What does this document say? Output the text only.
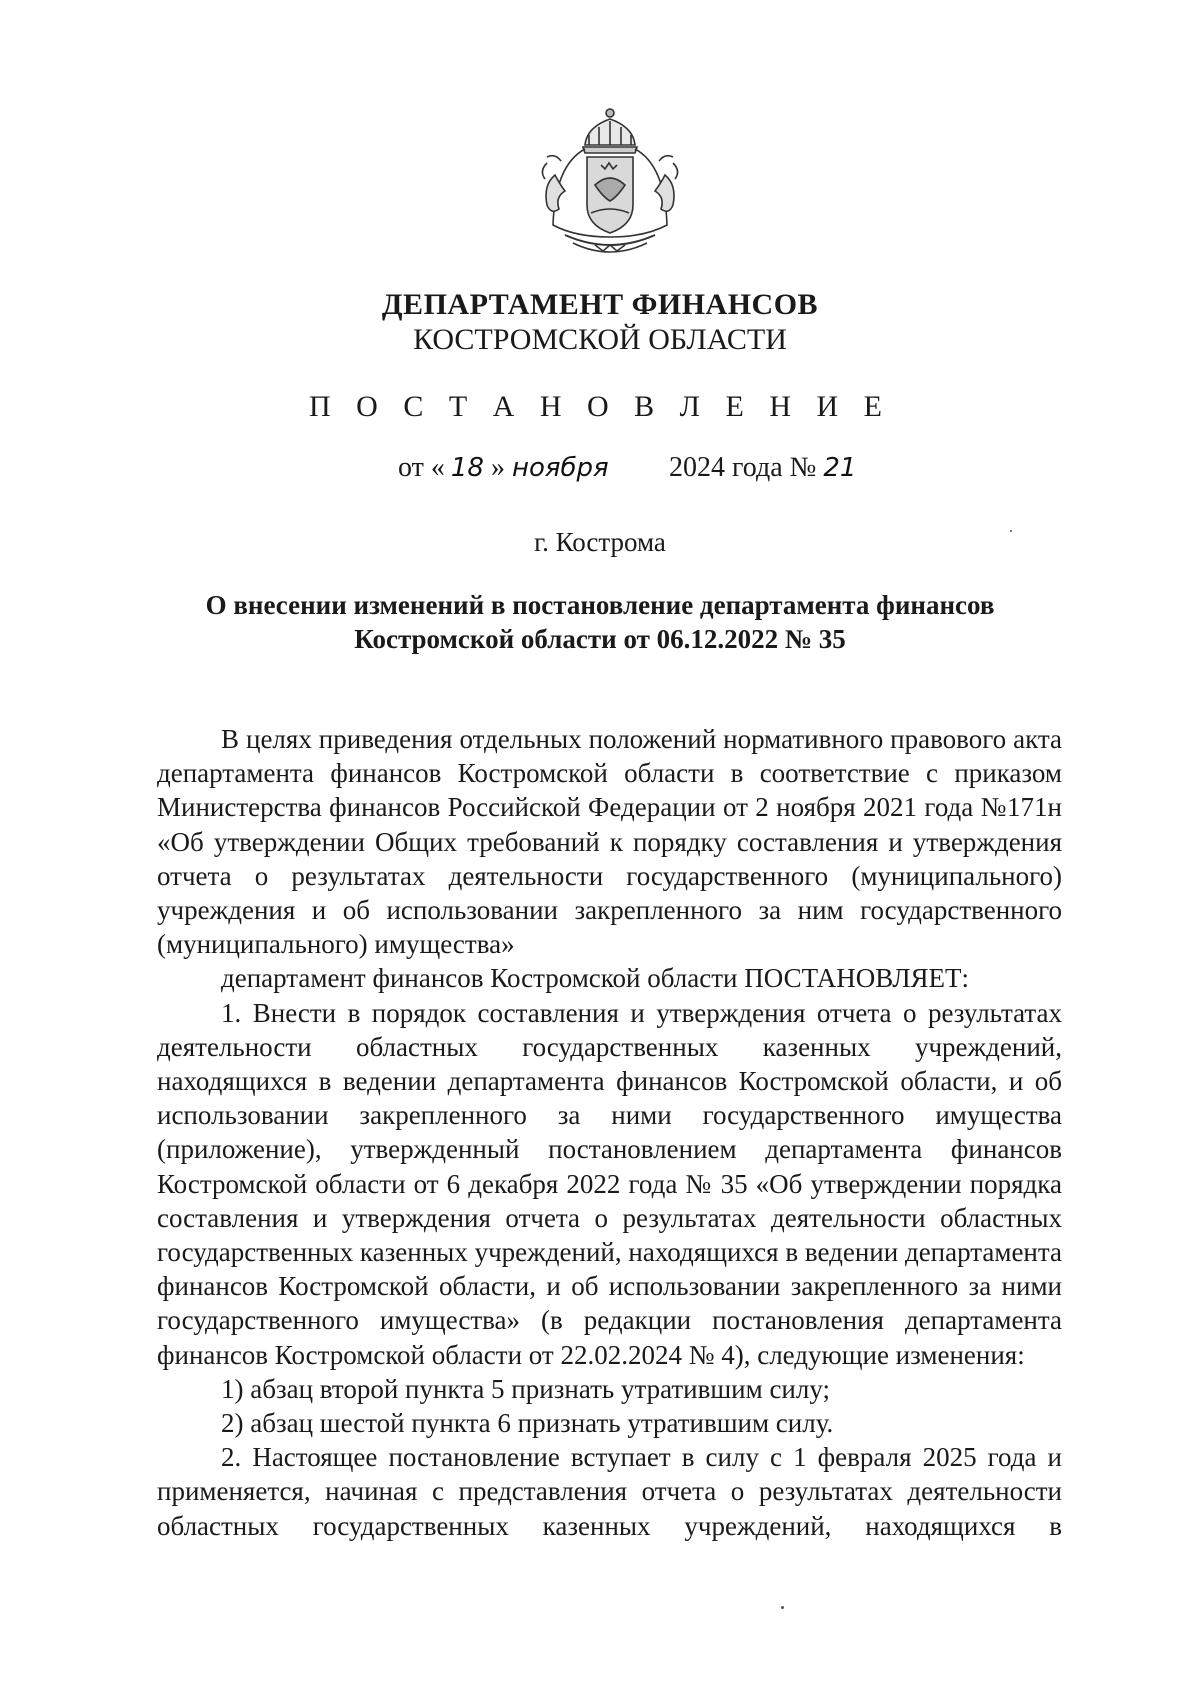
ДЕПАРТАМЕНТ ФИНАНСОВ
КОСТРОМСКОЙ ОБЛАСТИ
П О С Т А Н О В Л Е Н И Е
от « 18 » ноября 2024 года № 21
г. Кострома
О внесении изменений в постановление департамента финансов
Костромской области от 06.12.2022 № 35

В целях приведения отдельных положений нормативного правового акта департамента финансов Костромской области в соответствие с приказом Министерства финансов Российской Федерации от 2 ноября 2021 года №171н «Об утверждении Общих требований к порядку составления и утверждения отчета о результатах деятельности государственного (муниципального) учреждения и об использовании закрепленного за ним государственного (муниципального) имущества»

департамент финансов Костромской области ПОСТАНОВЛЯЕТ:

1. Внести в порядок составления и утверждения отчета о результатах деятельности областных государственных казенных учреждений, находящихся в ведении департамента финансов Костромской области, и об использовании закрепленного за ними государственного имущества (приложение), утвержденный постановлением департамента финансов Костромской области от 6 декабря 2022 года № 35 «Об утверждении порядка составления и утверждения отчета о результатах деятельности областных государственных казенных учреждений, находящихся в ведении департамента финансов Костромской области, и об использовании закрепленного за ними государственного имущества» (в редакции постановления департамента финансов Костромской области от 22.02.2024 № 4), следующие изменения:

1) абзац второй пункта 5 признать утратившим силу;

2) абзац шестой пункта 6 признать утратившим силу.

2. Настоящее постановление вступает в силу с 1 февраля 2025 года и применяется, начиная с представления отчета о результатах деятельности областных государственных казенных учреждений, находящихся в
